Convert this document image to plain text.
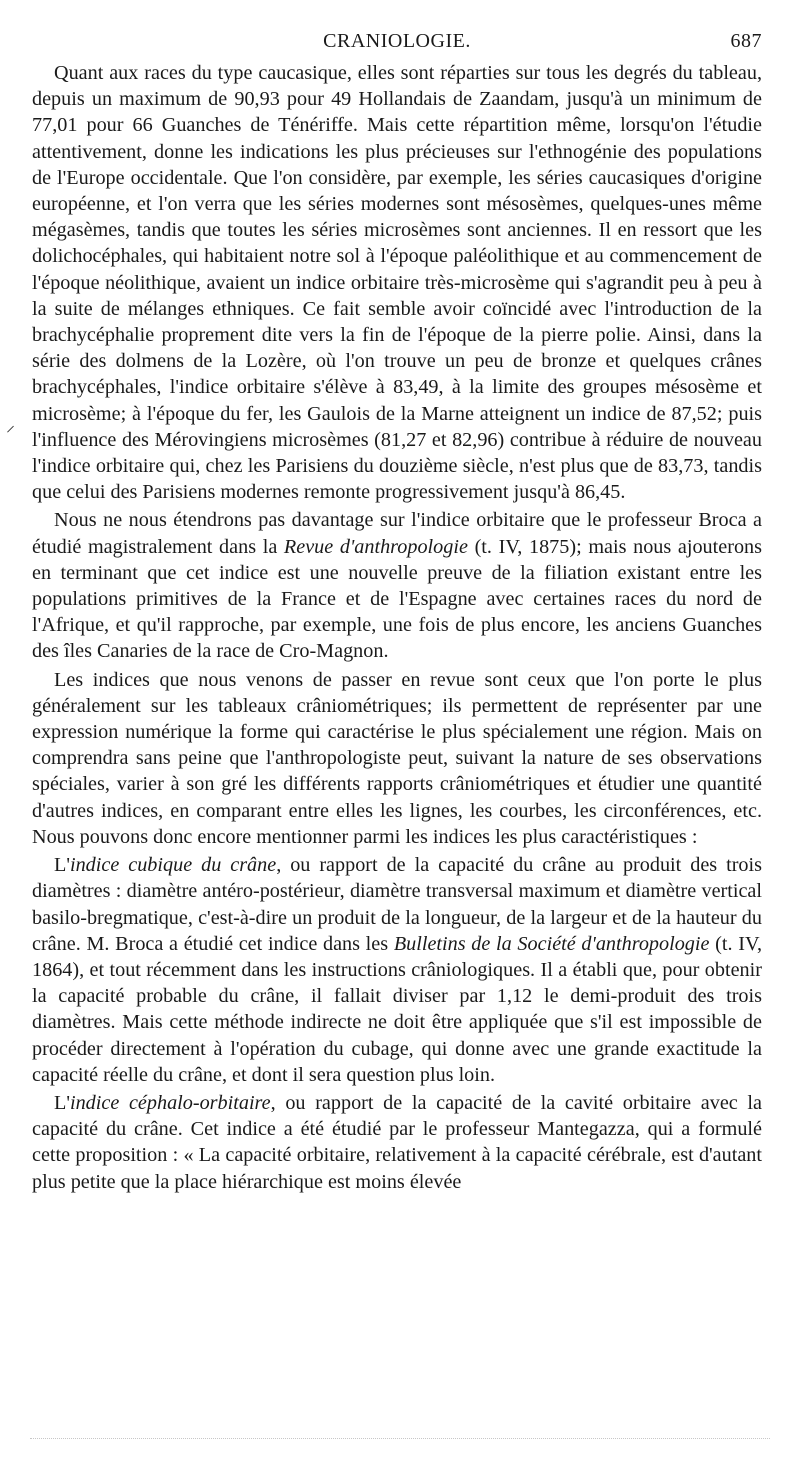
CRANIOLOGIE.	687
⸝

Quant aux races du type caucasique, elles sont réparties sur tous les degrés du tableau, depuis un maximum de 90,93 pour 49 Hollandais de Zaandam, jusqu'à un minimum de 77,01 pour 66 Guanches de Ténériffe. Mais cette répartition même, lorsqu'on l'étudie attentivement, donne les indications les plus précieuses sur l'ethnogénie des populations de l'Europe occidentale. Que l'on considère, par exemple, les séries caucasiques d'origine européenne, et l'on verra que les séries modernes sont mésosèmes, quelques-unes même mégasèmes, tandis que toutes les séries microsèmes sont anciennes. Il en ressort que les dolichocéphales, qui habitaient notre sol à l'époque paléolithique et au commencement de l'époque néolithique, avaient un indice orbitaire très-microsème qui s'agrandit peu à peu à la suite de mélanges ethniques. Ce fait semble avoir coïncidé avec l'introduction de la brachycéphalie proprement dite vers la fin de l'époque de la pierre polie. Ainsi, dans la série des dolmens de la Lozère, où l'on trouve un peu de bronze et quelques crânes brachycéphales, l'indice orbitaire s'élève à 83,49, à la limite des groupes mésosème et microsème; à l'époque du fer, les Gaulois de la Marne atteignent un indice de 87,52; puis l'influence des Mérovingiens microsèmes (81,27 et 82,96) contribue à réduire de nouveau l'indice orbitaire qui, chez les Parisiens du douzième siècle, n'est plus que de 83,73, tandis que celui des Parisiens modernes remonte progressivement jusqu'à 86,45.

Nous ne nous étendrons pas davantage sur l'indice orbitaire que le professeur Broca a étudié magistralement dans la Revue d'anthropologie (t. IV, 1875); mais nous ajouterons en terminant que cet indice est une nouvelle preuve de la filiation existant entre les populations primitives de la France et de l'Espagne avec certaines races du nord de l'Afrique, et qu'il rapproche, par exemple, une fois de plus encore, les anciens Guanches des îles Canaries de la race de Cro-Magnon.

Les indices que nous venons de passer en revue sont ceux que l'on porte le plus généralement sur les tableaux crâniométriques; ils permettent de représenter par une expression numérique la forme qui caractérise le plus spécialement une région. Mais on comprendra sans peine que l'anthropologiste peut, suivant la nature de ses observations spéciales, varier à son gré les différents rapports crâniométriques et étudier une quantité d'autres indices, en comparant entre elles les lignes, les courbes, les circonférences, etc. Nous pouvons donc encore mentionner parmi les indices les plus caractéristiques :

L'indice cubique du crâne, ou rapport de la capacité du crâne au produit des trois diamètres : diamètre antéro-postérieur, diamètre transversal maximum et diamètre vertical basilo-bregmatique, c'est-à-dire un produit de la longueur, de la largeur et de la hauteur du crâne. M. Broca a étudié cet indice dans les Bulletins de la Société d'anthropologie (t. IV, 1864), et tout récemment dans les instructions crâniologiques. Il a établi que, pour obtenir la capacité probable du crâne, il fallait diviser par 1,12 le demi-produit des trois diamètres. Mais cette méthode indirecte ne doit être appliquée que s'il est impossible de procéder directement à l'opération du cubage, qui donne avec une grande exactitude la capacité réelle du crâne, et dont il sera question plus loin.

L'indice céphalo-orbitaire, ou rapport de la capacité de la cavité orbitaire avec la capacité du crâne. Cet indice a été étudié par le professeur Mantegazza, qui a formulé cette proposition : « La capacité orbitaire, relativement à la capacité cérébrale, est d'autant plus petite que la place hiérarchique est moins élevée
